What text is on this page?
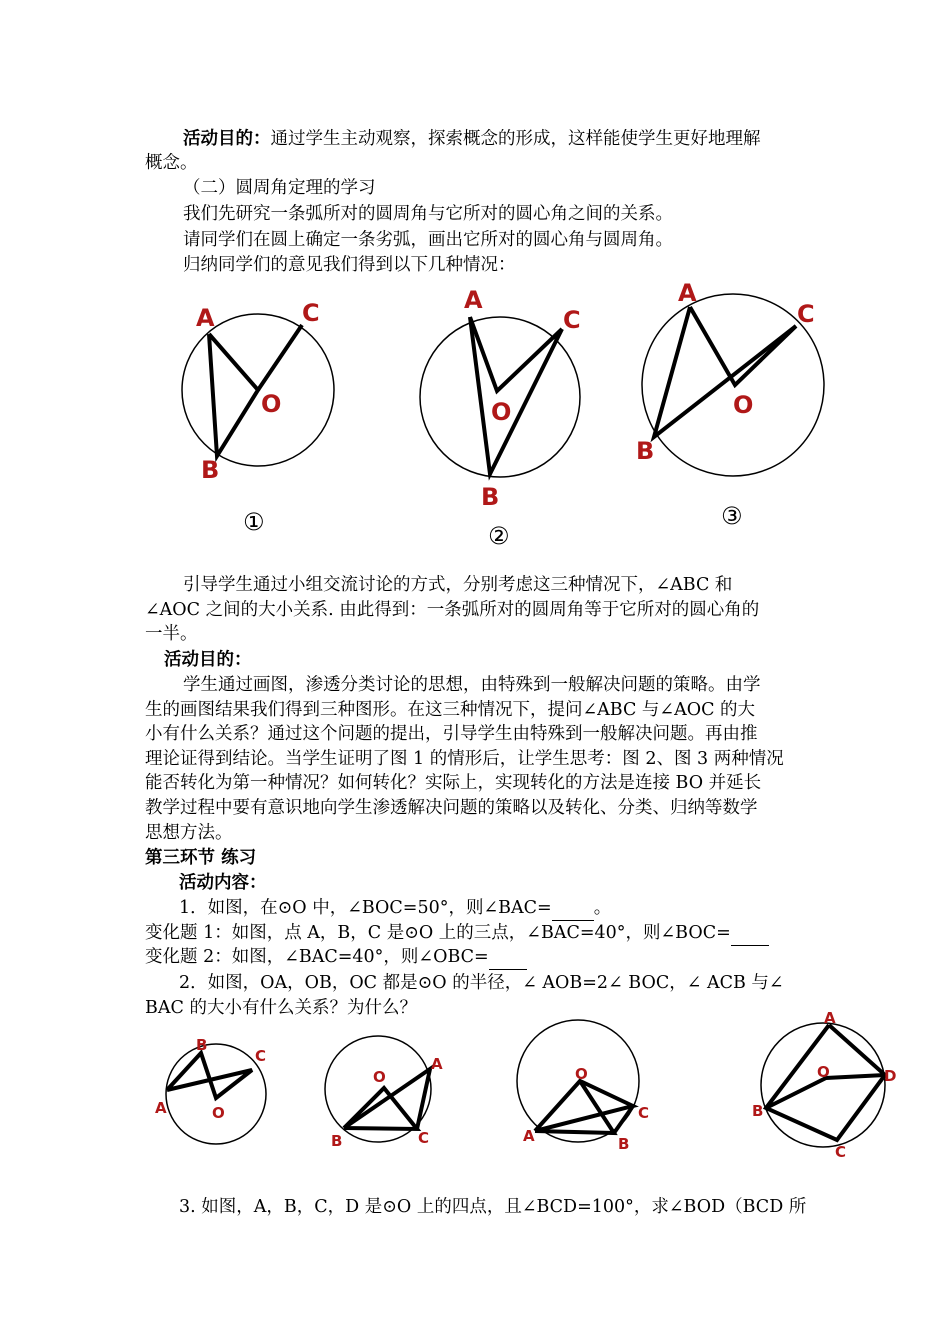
活动目的：通过学生主动观察，探索概念的形成，这样能使学生更好地理解
概念。
（二）圆周角定理的学习
我们先研究一条弧所对的圆周角与它所对的圆心角之间的关系。
请同学们在圆上确定一条劣弧，画出它所对的圆心角与圆周角。
归纳同学们的意见我们得到以下几种情况：
A	C
O
B
①
A
C
O
B
②
A
C
O
B
③
B
C
A	O
O
A
B	C
O
C
A	B
A
O	D
B
C
引导学生通过小组交流讨论的方式，分别考虑这三种情况下，∠ABC 和
∠AOC 之间的大小关系. 由此得到：一条弧所对的圆周角等于它所对的圆心角的
一半。
活动目的：
学生通过画图，渗透分类讨论的思想，由特殊到一般解决问题的策略。由学
生的画图结果我们得到三种图形。在这三种情况下，提问∠ABC 与∠AOC 的大
小有什么关系？通过这个问题的提出，引导学生由特殊到一般解决问题。再由推
理论证得到结论。当学生证明了图 1 的情形后，让学生思考：图 2、图 3 两种情况
能否转化为第一种情况？如何转化？实际上，实现转化的方法是连接 BO 并延长
教学过程中要有意识地向学生渗透解决问题的策略以及转化、分类、归纳等数学
思想方法。
第三环节 练习
活动内容：
1．如图，在⊙O 中，∠BOC=50°，则∠BAC= 。
变化题 1：如图，点 A，B，C 是⊙O 上的三点，∠BAC=40°，则∠BOC=
变化题 2：如图，∠BAC=40°，则∠OBC=
2．如图，OA，OB，OC 都是⊙O 的半径，∠ AOB=2∠ BOC，∠ ACB 与∠
BAC 的大小有什么关系？为什么？
3. 如图，A，B，C，D 是⊙O 上的四点，且∠BCD=100°，求∠BOD（BCD 所
